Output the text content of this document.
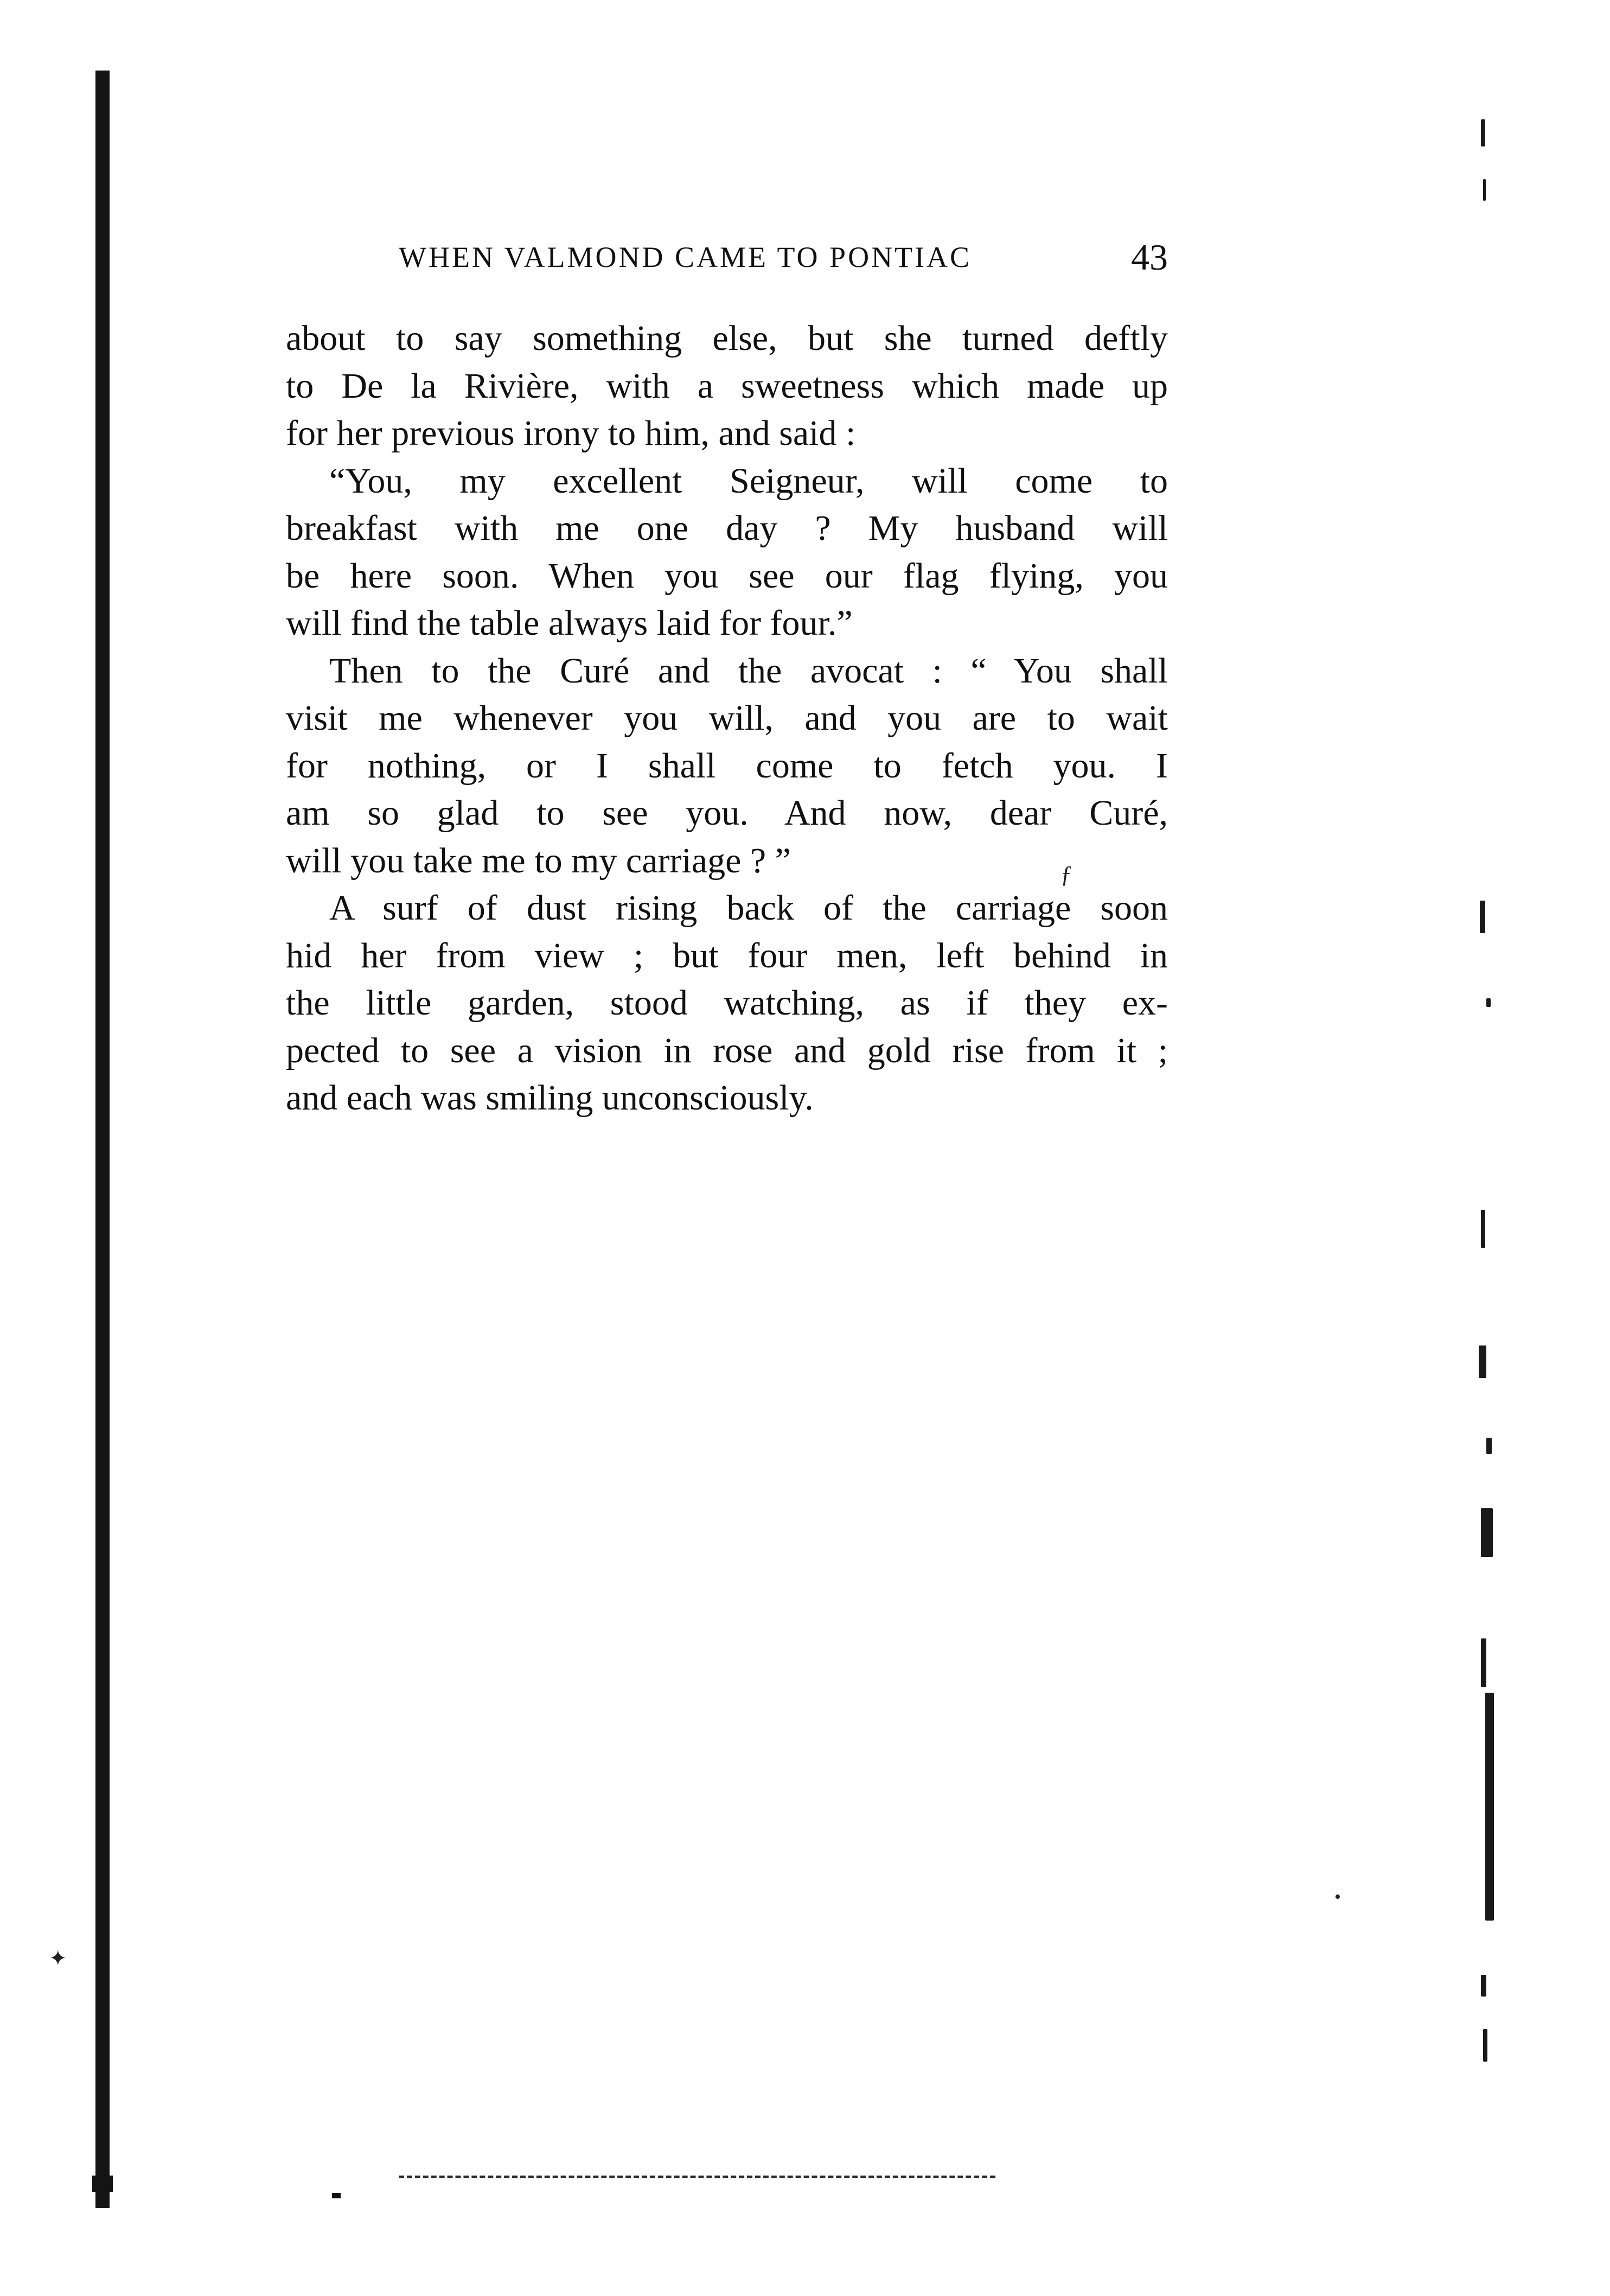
✦
ƒ
•
WHEN VALMOND CAME TO PONTIAC	43
about to say something else, but she turned deftly
to De la Rivière, with a sweetness which made up
for her previous irony to him, and said :
“You, my excellent Seigneur, will come to
breakfast with me one day ? My husband will
be here soon. When you see our flag flying, you
will find the table always laid for four.”
Then to the Curé and the avocat : “ You shall
visit me whenever you will, and you are to wait
for nothing, or I shall come to fetch you. I
am so glad to see you. And now, dear Curé,
will you take me to my carriage ? ”
A surf of dust rising back of the carriage soon
hid her from view ; but four men, left behind in
the little garden, stood watching, as if they ex-
pected to see a vision in rose and gold rise from it ;
and each was smiling unconsciously.
